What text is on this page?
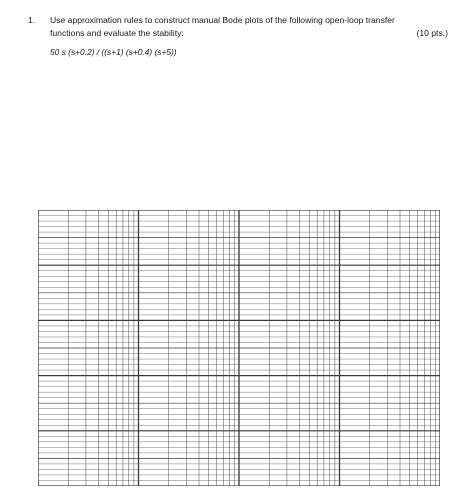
1.	Use approximation rules to construct manual Bode plots of the following open-loop transfer
functions and evaluate the stability:	(10 pts.)
50 s (s+0.2) / ((s+1) (s+0.4) (s+5))
